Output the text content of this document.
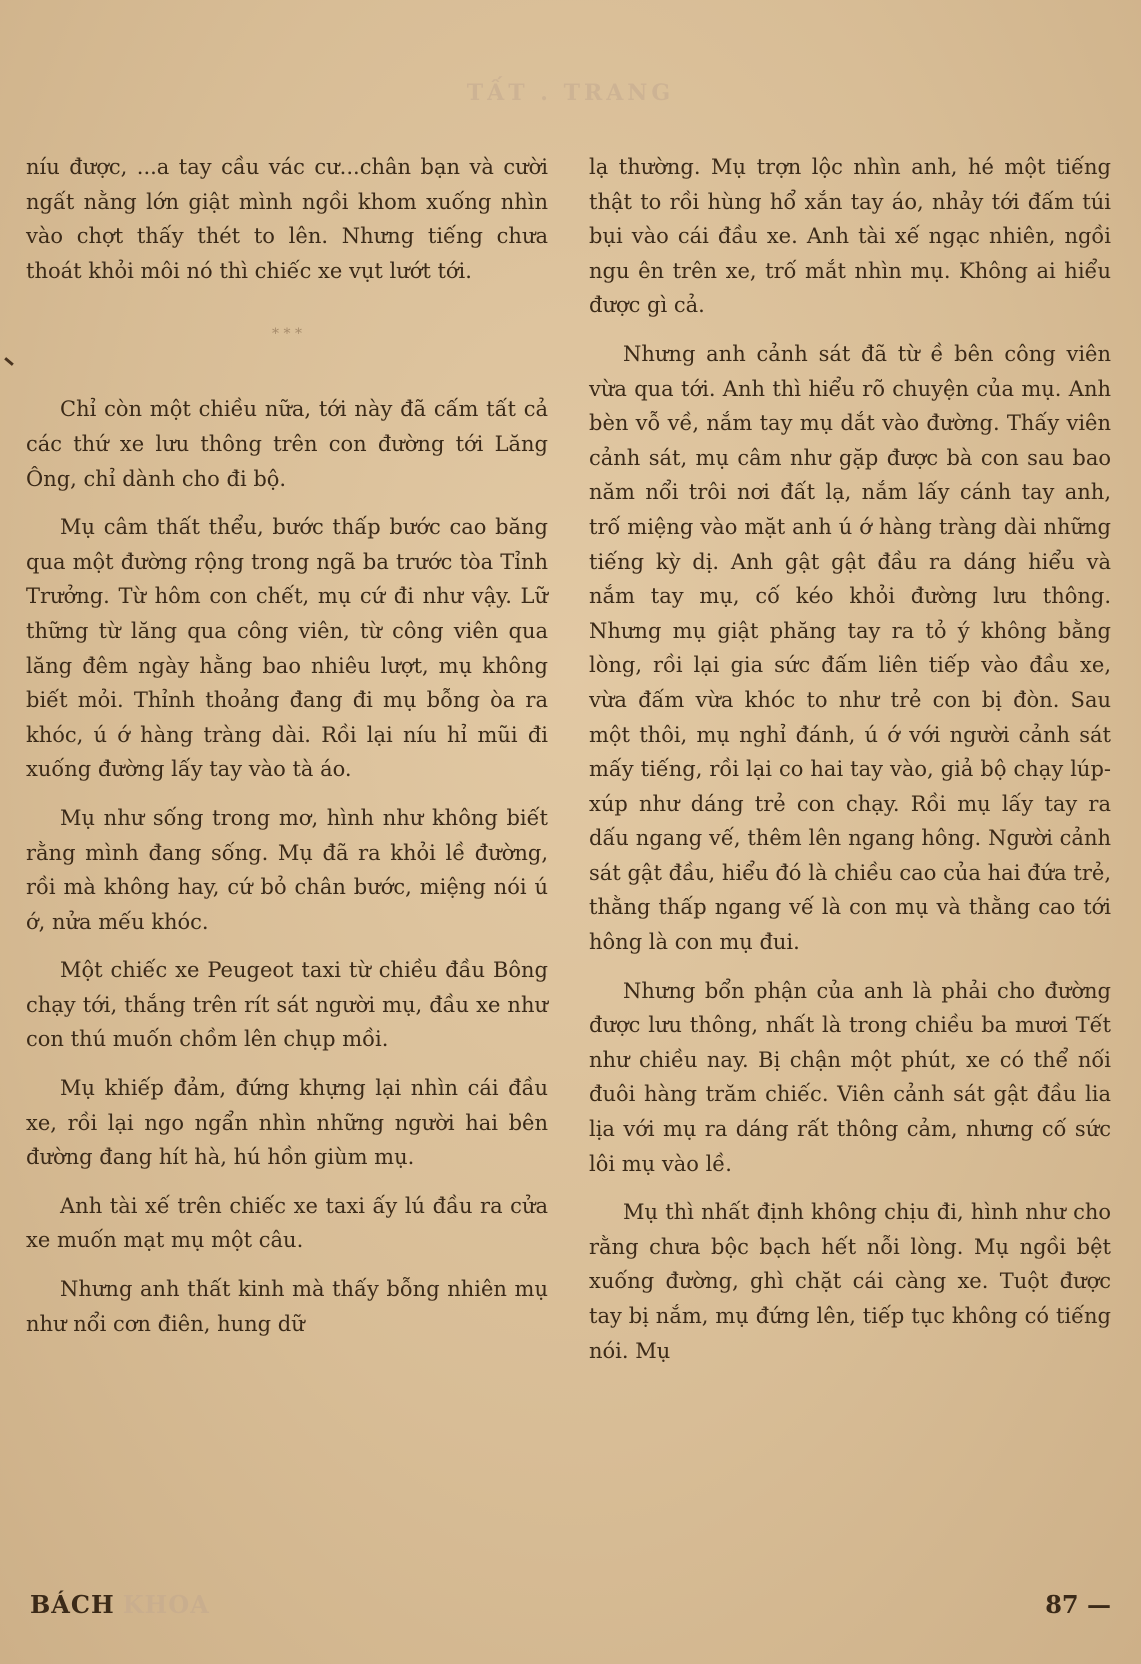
TẤT . TRANG

níu được, ...a tay cầu vác cư...chân bạn và cười ngất nằng lớn giật mình ngồi khom xuống nhìn vào chợt thấy thét to lên. Nhưng tiếng chưa thoát khỏi môi nó thì chiếc xe vụt lướt tới.

* * *

Chỉ còn một chiều nữa, tới này đã cấm tất cả các thứ xe lưu thông trên con đường tới Lăng Ông, chỉ dành cho đi bộ.

Mụ câm thất thểu, bước thấp bước cao băng qua một đường rộng trong ngã ba trước tòa Tỉnh Trưởng. Từ hôm con chết, mụ cứ đi như vậy. Lữ thững từ lăng qua công viên, từ công viên qua lăng đêm ngày hằng bao nhiêu lượt, mụ không biết mỏi. Thỉnh thoảng đang đi mụ bỗng òa ra khóc, ú ớ hàng tràng dài. Rồi lại níu hỉ mũi đi xuống đường lấy tay vào tà áo.

Mụ như sống trong mơ, hình như không biết rằng mình đang sống. Mụ đã ra khỏi lề đường, rồi mà không hay, cứ bỏ chân bước, miệng nói ú ớ, nửa mếu khóc.

Một chiếc xe Peugeot taxi từ chiều đầu Bông chạy tới, thắng trên rít sát người mụ, đầu xe như con thú muốn chồm lên chụp mồi.

Mụ khiếp đảm, đứng khựng lại nhìn cái đầu xe, rồi lại ngo ngẩn nhìn những người hai bên đường đang hít hà, hú hồn giùm mụ.

Anh tài xế trên chiếc xe taxi ấy lú đầu ra cửa xe muốn mạt mụ một câu.

Nhưng anh thất kinh mà thấy bỗng nhiên mụ như nổi cơn điên, hung dữ

lạ thường. Mụ trợn lộc nhìn anh, hé một tiếng thật to rồi hùng hổ xắn tay áo, nhảy tới đấm túi bụi vào cái đầu xe. Anh tài xế ngạc nhiên, ngồi ngu ên trên xe, trố mắt nhìn mụ. Không ai hiểu được gì cả.

Nhưng anh cảnh sát đã từ ề bên công viên vừa qua tới. Anh thì hiểu rõ chuyện của mụ. Anh bèn vỗ về, nắm tay mụ dắt vào đường. Thấy viên cảnh sát, mụ câm như gặp được bà con sau bao năm nổi trôi nơi đất lạ, nắm lấy cánh tay anh, trố miệng vào mặt anh ú ớ hàng tràng dài những tiếng kỳ dị. Anh gật gật đầu ra dáng hiểu và nắm tay mụ, cố kéo khỏi đường lưu thông. Nhưng mụ giật phăng tay ra tỏ ý không bằng lòng, rồi lại gia sức đấm liên tiếp vào đầu xe, vừa đấm vừa khóc to như trẻ con bị đòn. Sau một thôi, mụ nghỉ đánh, ú ớ với người cảnh sát mấy tiếng, rồi lại co hai tay vào, giả bộ chạy lúp-xúp như dáng trẻ con chạy. Rồi mụ lấy tay ra dấu ngang vế, thêm lên ngang hông. Người cảnh sát gật đầu, hiểu đó là chiều cao của hai đứa trẻ, thằng thấp ngang vế là con mụ và thằng cao tới hông là con mụ đui.

Nhưng bổn phận của anh là phải cho đường được lưu thông, nhất là trong chiều ba mươi Tết như chiều nay. Bị chận một phút, xe có thể nối đuôi hàng trăm chiếc. Viên cảnh sát gật đầu lia lịa với mụ ra dáng rất thông cảm, nhưng cố sức lôi mụ vào lề.

Mụ thì nhất định không chịu đi, hình như cho rằng chưa bộc bạch hết nỗi lòng. Mụ ngồi bệt xuống đường, ghì chặt cái càng xe. Tuột được tay bị nắm, mụ đứng lên, tiếp tục không có tiếng nói. Mụ

BÁCH KHOA	87 —
